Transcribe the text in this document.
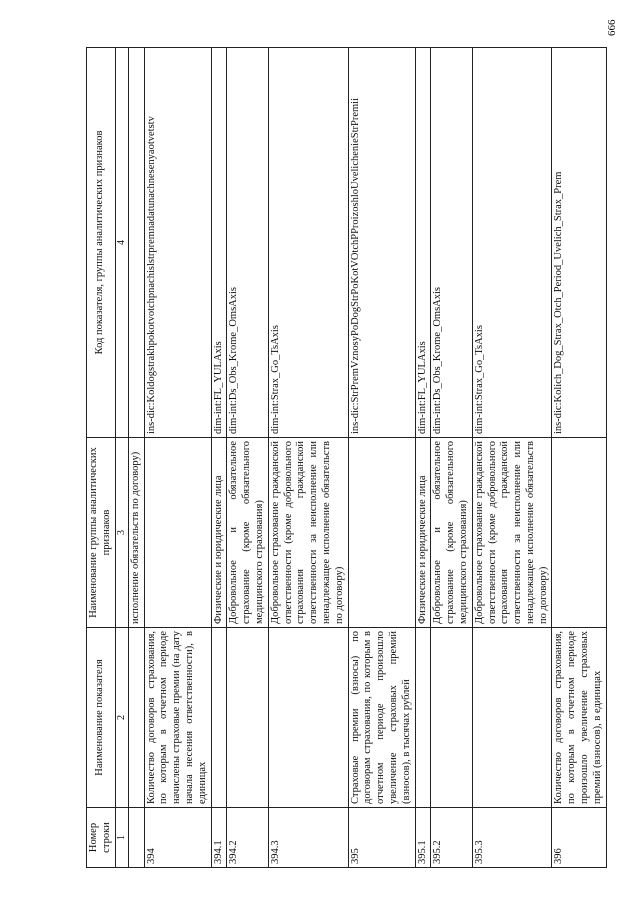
666
Номер строки	Наименование показателя	Наименование группы аналитических признаков	Код показателя, группы аналитических признаков
1	2	3	4
		исполнение обязательств по договору)	
394	Количество договоров страхования, по которым в отчетном периоде начислены страховые премии (на дату начала несения ответственности), в единицах		ins-dic:Koldogstrakhpokotvotchpnachislstrpremnadatunachnesenyaotvetstv
394.1		Физические и юридические лица	dim-int:FL_YULAxis
394.2		Добровольное и обязательное страхование (кроме обязательного медицинского страхования)	dim-int:Ds_Obs_Krome_OmsAxis
394.3		Добровольное страхование гражданской ответственности (кроме добровольного страхования гражданской ответственности за неисполнение или ненадлежащее исполнение обязательств по договору)	dim-int:Strax_Go_TsAxis
395	Страховые премии (взносы) по договорам страхования, по которым в отчетном периоде произошло увеличение страховых премий (взносов), в тысячах рублей		ins-dic:StrPremVznosyPoDogStrPoKotVOtchPProizoshloUvelichenieStrPremii
395.1		Физические и юридические лица	dim-int:FL_YULAxis
395.2		Добровольное и обязательное страхование (кроме обязательного медицинского страхования)	dim-int:Ds_Obs_Krome_OmsAxis
395.3		Добровольное страхование гражданской ответственности (кроме добровольного страхования гражданской ответственности за неисполнение или ненадлежащее исполнение обязательств по договору)	dim-int:Strax_Go_TsAxis
396	Количество договоров страхования, по которым в отчетном периоде произошло увеличение страховых премий (взносов), в единицах		ins-dic:Kolich_Dog_Strax_Otch_Period_Uvelich_Strax_Prem
